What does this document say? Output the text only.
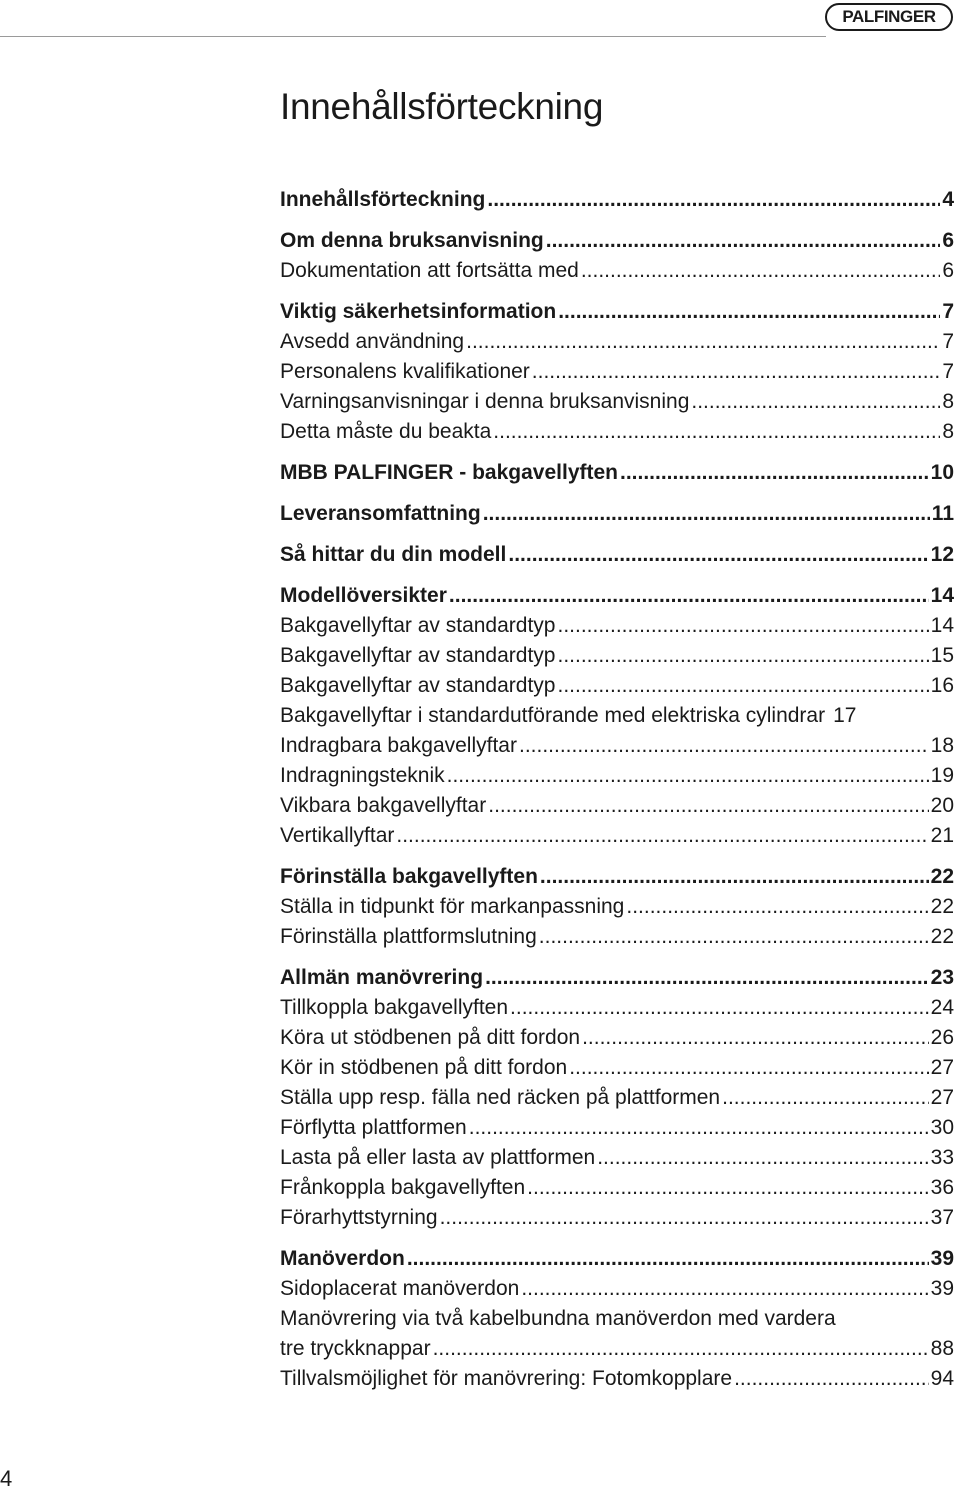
PALFINGER
Innehållsförteckning
Innehållsförteckning .....	4
Om denna bruksanvisning .....	6
Dokumentation att fortsätta med .....	6
Viktig säkerhetsinformation .....	7
Avsedd användning .....	7
Personalens kvalifikationer .....	7
Varningsanvisningar i denna bruksanvisning .....	8
Detta måste du beakta .....	8
MBB PALFINGER - bakgavellyften .....	10
Leveransomfattning .....	11
Så hittar du din modell .....	12
Modellöversikter .....	14
Bakgavellyftar av standardtyp .....	14
Bakgavellyftar av standardtyp .....	15
Bakgavellyftar av standardtyp .....	16
Bakgavellyftar i standardutförande med elektriska cylindrar 17
Indragbara bakgavellyftar .....	18
Indragningsteknik .....	19
Vikbara bakgavellyftar .....	20
Vertikallyftar .....	21
Förinställa bakgavellyften .....	22
Ställa in tidpunkt för markanpassning .....	22
Förinställa plattformslutning .....	22
Allmän manövrering .....	23
Tillkoppla bakgavellyften .....	24
Köra ut stödbenen på ditt fordon .....	26
Kör in stödbenen på ditt fordon .....	27
Ställa upp resp. fälla ned räcken på plattformen .....	27
Förflytta plattformen .....	30
Lasta på eller lasta av plattformen .....	33
Frånkoppla bakgavellyften .....	36
Förarhyttstyrning .....	37
Manöverdon .....	39
Sidoplacerat manöverdon .....	39
Manövrering via två kabelbundna manöverdon med vardera
tre tryckknappar .....	88
Tillvalsmöjlighet för manövrering: Fotomkopplare .....	94
4
